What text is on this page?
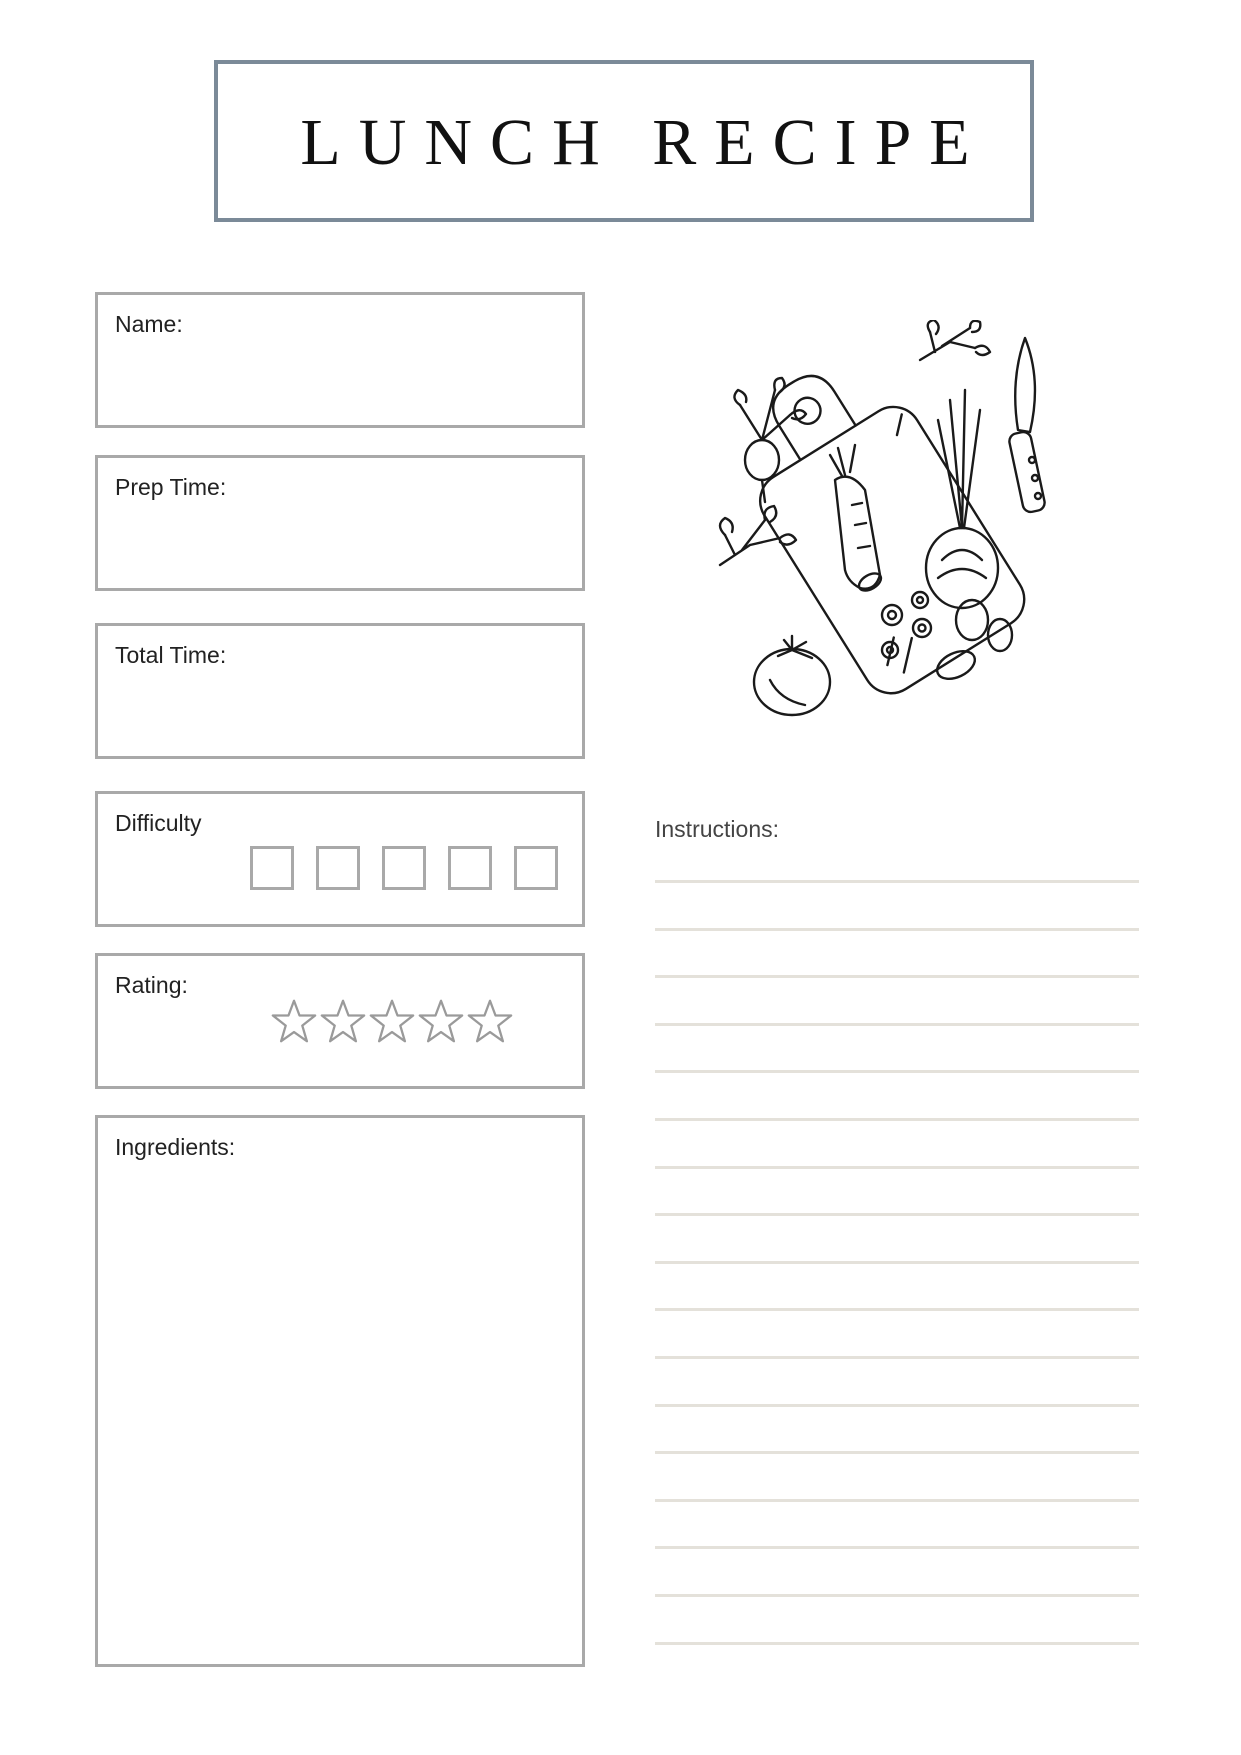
LUNCH RECIPE
Name:
Prep Time:
Total Time:
Difficulty
Rating:
Ingredients:
Instructions:
